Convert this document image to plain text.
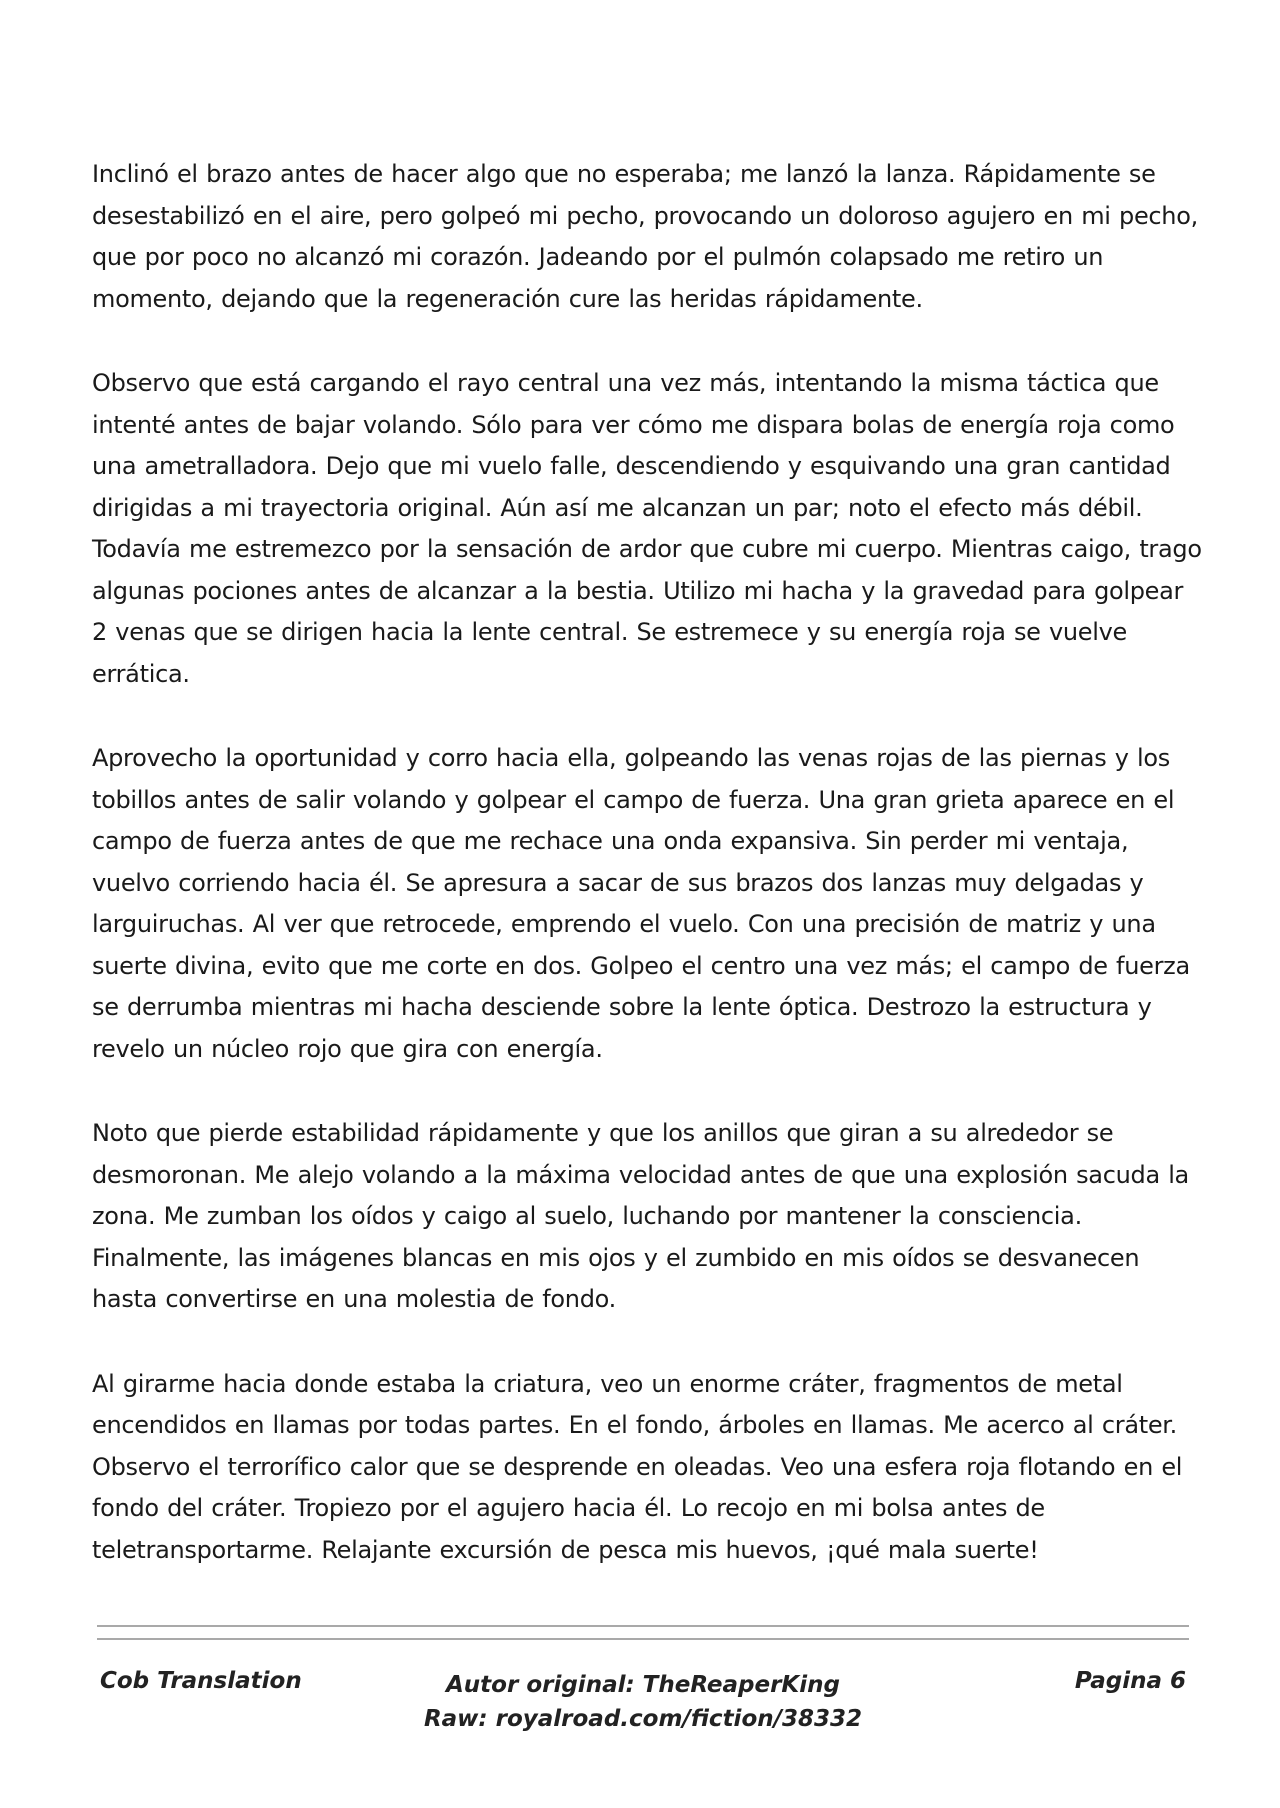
Inclinó el brazo antes de hacer algo que no esperaba; me lanzó la lanza. Rápidamente se desestabilizó en el aire, pero golpeó mi pecho, provocando un doloroso agujero en mi pecho, que por poco no alcanzó mi corazón. Jadeando por el pulmón colapsado me retiro un momento, dejando que la regeneración cure las heridas rápidamente.

Observo que está cargando el rayo central una vez más, intentando la misma táctica que intenté antes de bajar volando. Sólo para ver cómo me dispara bolas de energía roja como una ametralladora. Dejo que mi vuelo falle, descendiendo y esquivando una gran cantidad dirigidas a mi trayectoria original. Aún así me alcanzan un par; noto el efecto más débil. Todavía me estremezco por la sensación de ardor que cubre mi cuerpo. Mientras caigo, trago algunas pociones antes de alcanzar a la bestia. Utilizo mi hacha y la gravedad para golpear 2 venas que se dirigen hacia la lente central. Se estremece y su energía roja se vuelve errática.

Aprovecho la oportunidad y corro hacia ella, golpeando las venas rojas de las piernas y los tobillos antes de salir volando y golpear el campo de fuerza. Una gran grieta aparece en el campo de fuerza antes de que me rechace una onda expansiva. Sin perder mi ventaja, vuelvo corriendo hacia él. Se apresura a sacar de sus brazos dos lanzas muy delgadas y larguiruchas. Al ver que retrocede, emprendo el vuelo. Con una precisión de matriz y una suerte divina, evito que me corte en dos. Golpeo el centro una vez más; el campo de fuerza se derrumba mientras mi hacha desciende sobre la lente óptica. Destrozo la estructura y revelo un núcleo rojo que gira con energía.

Noto que pierde estabilidad rápidamente y que los anillos que giran a su alrededor se desmoronan. Me alejo volando a la máxima velocidad antes de que una explosión sacuda la zona. Me zumban los oídos y caigo al suelo, luchando por mantener la consciencia. Finalmente, las imágenes blancas en mis ojos y el zumbido en mis oídos se desvanecen hasta convertirse en una molestia de fondo.

Al girarme hacia donde estaba la criatura, veo un enorme cráter, fragmentos de metal encendidos en llamas por todas partes. En el fondo, árboles en llamas. Me acerco al cráter. Observo el terrorífico calor que se desprende en oleadas. Veo una esfera roja flotando en el fondo del cráter. Tropiezo por el agujero hacia él. Lo recojo en mi bolsa antes de teletransportarme. Relajante excursión de pesca mis huevos, ¡qué mala suerte!

Cob Translation	Autor original: TheReaperKing
Raw: royalroad.com/fiction/38332
Pagina 6
